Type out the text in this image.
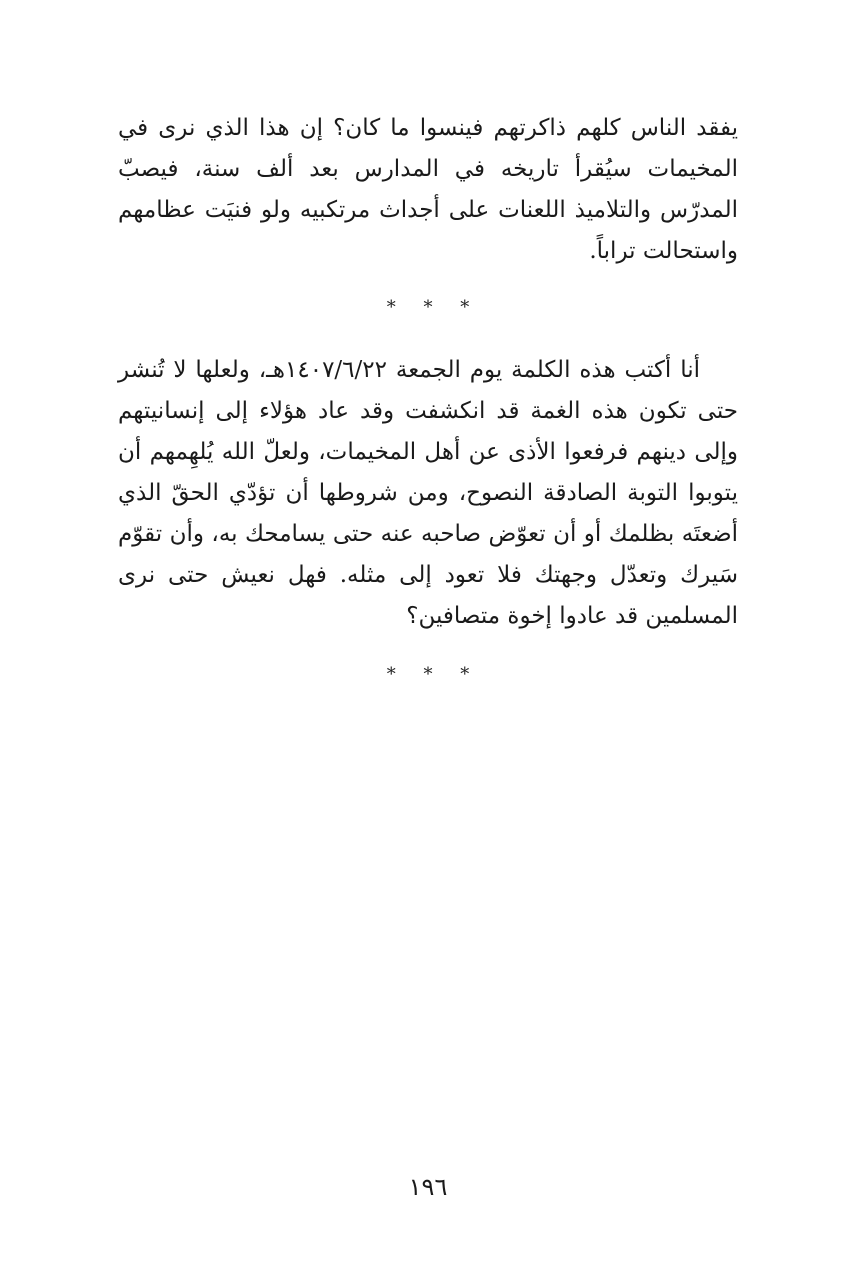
يفقد الناس كلهم ذاكرتهم فينسوا ما كان؟ إن هذا الذي نرى في المخيمات سيُقرأ تاريخه في المدارس بعد ألف سنة، فيصبّ المدرّس والتلاميذ اللعنات على أجداث مرتكبيه ولو فنيَت عظامهم واستحالت تراباً.

* * *

أنا أكتب هذه الكلمة يوم الجمعة ١٤٠٧/٦/٢٢هـ، ولعلها لا تُنشر حتى تكون هذه الغمة قد انكشفت وقد عاد هؤلاء إلى إنسانيتهم وإلى دينهم فرفعوا الأذى عن أهل المخيمات، ولعلّ الله يُلهِمهم أن يتوبوا التوبة الصادقة النصوح، ومن شروطها أن تؤدّي الحقّ الذي أضعتَه بظلمك أو أن تعوّض صاحبه عنه حتى يسامحك به، وأن تقوّم سَيرك وتعدّل وجهتك فلا تعود إلى مثله. فهل نعيش حتى نرى المسلمين قد عادوا إخوة متصافين؟

* * *
١٩٦
